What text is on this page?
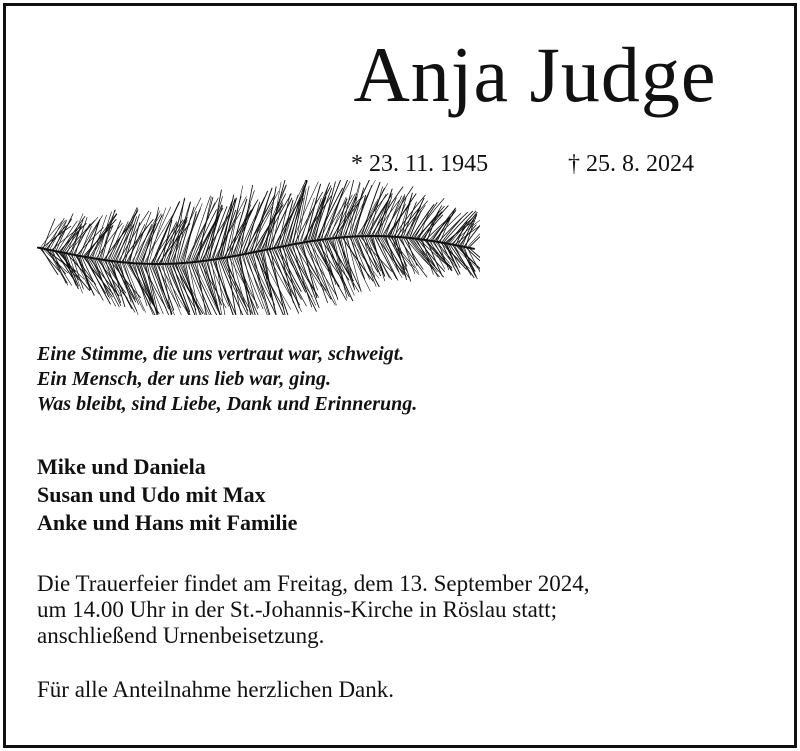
Anja Judge
* 23. 11. 1945	† 25. 8. 2024
Eine Stimme, die uns vertraut war, schweigt.
Ein Mensch, der uns lieb war, ging.
Was bleibt, sind Liebe, Dank und Erinnerung.
Mike und Daniela
Susan und Udo mit Max
Anke und Hans mit Familie
Die Trauerfeier findet am Freitag, dem 13. September 2024,
um 14.00 Uhr in der St.-Johannis-Kirche in Röslau statt;
anschließend Urnenbeisetzung.
Für alle Anteilnahme herzlichen Dank.
